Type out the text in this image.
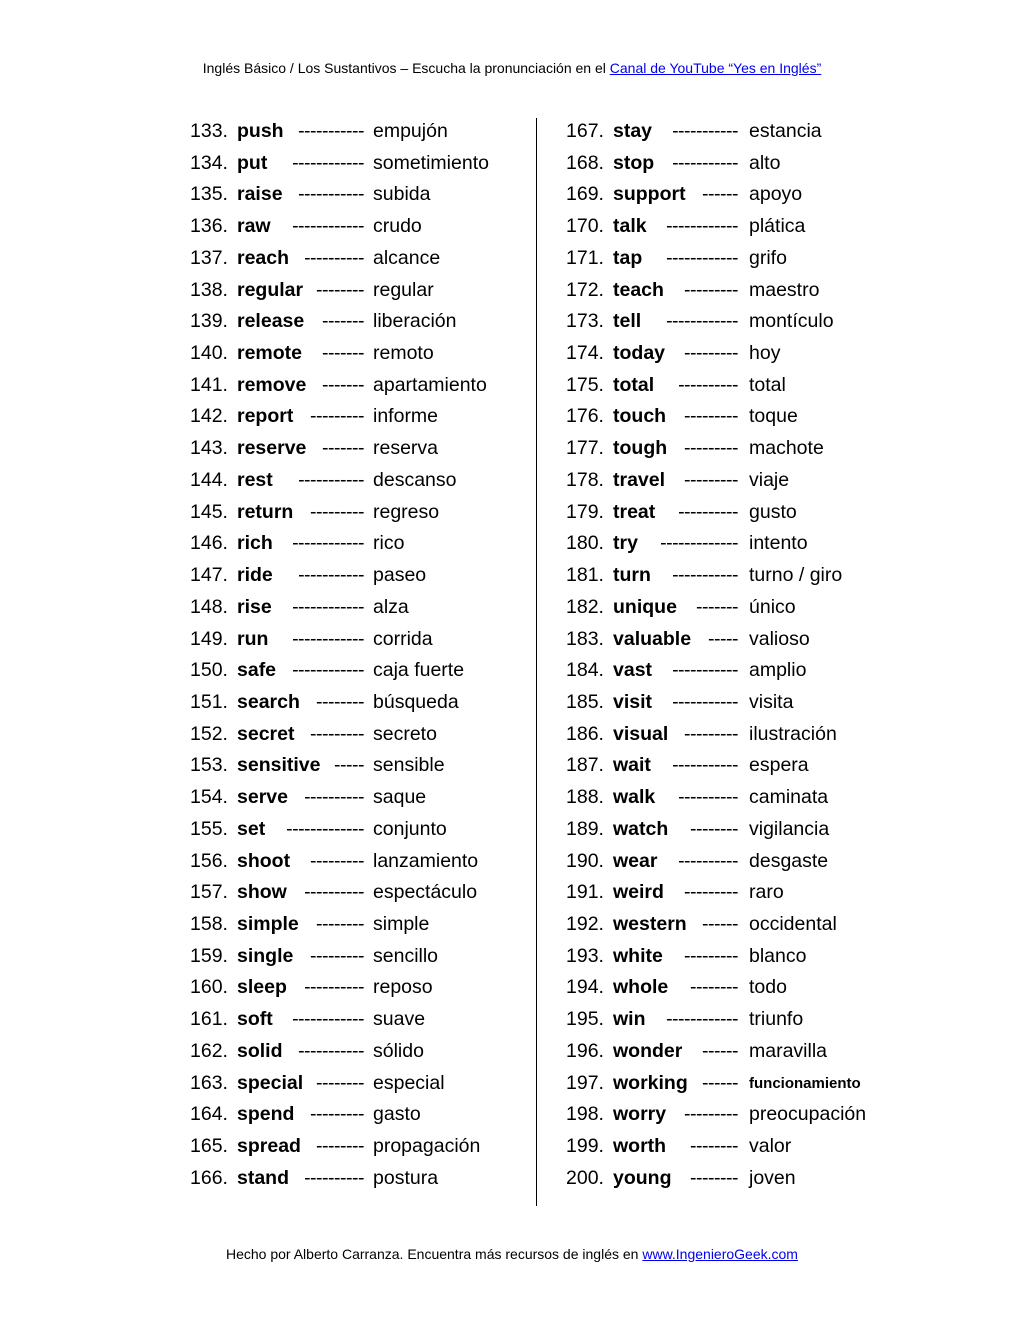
Inglés Básico / Los Sustantivos – Escucha la pronunciación en el Canal de YouTube “Yes en Inglés”
133. push ----------- empujón
134. put ------------ sometimiento
135. raise ----------- subida
136. raw ------------ crudo
137. reach ---------- alcance
138. regular -------- regular
139. release ------- liberación
140. remote ------- remoto
141. remove ------- apartamiento
142. report --------- informe
143. reserve ------- reserva
144. rest ----------- descanso
145. return --------- regreso
146. rich ------------ rico
147. ride ----------- paseo
148. rise ------------ alza
149. run ------------ corrida
150. safe ------------ caja fuerte
151. search -------- búsqueda
152. secret --------- secreto
153. sensitive ----- sensible
154. serve ---------- saque
155. set ------------- conjunto
156. shoot --------- lanzamiento
157. show ---------- espectáculo
158. simple -------- simple
159. single --------- sencillo
160. sleep ---------- reposo
161. soft ------------ suave
162. solid ----------- sólido
163. special -------- especial
164. spend --------- gasto
165. spread -------- propagación
166. stand ---------- postura
167. stay ----------- estancia
168. stop ----------- alto
169. support ------ apoyo
170. talk ------------ plática
171. tap ------------ grifo
172. teach --------- maestro
173. tell ------------ montículo
174. today --------- hoy
175. total ---------- total
176. touch --------- toque
177. tough --------- machote
178. travel --------- viaje
179. treat ---------- gusto
180. try ------------- intento
181. turn ----------- turno / giro
182. unique ------- único
183. valuable ----- valioso
184. vast ----------- amplio
185. visit ----------- visita
186. visual --------- ilustración
187. wait ----------- espera
188. walk ---------- caminata
189. watch -------- vigilancia
190. wear ---------- desgaste
191. weird --------- raro
192. western ------ occidental
193. white --------- blanco
194. whole -------- todo
195. win ------------ triunfo
196. wonder ------ maravilla
197. working ------ funcionamiento
198. worry --------- preocupación
199. worth -------- valor
200. young -------- joven
Hecho por Alberto Carranza. Encuentra más recursos de inglés en www.IngenieroGeek.com
